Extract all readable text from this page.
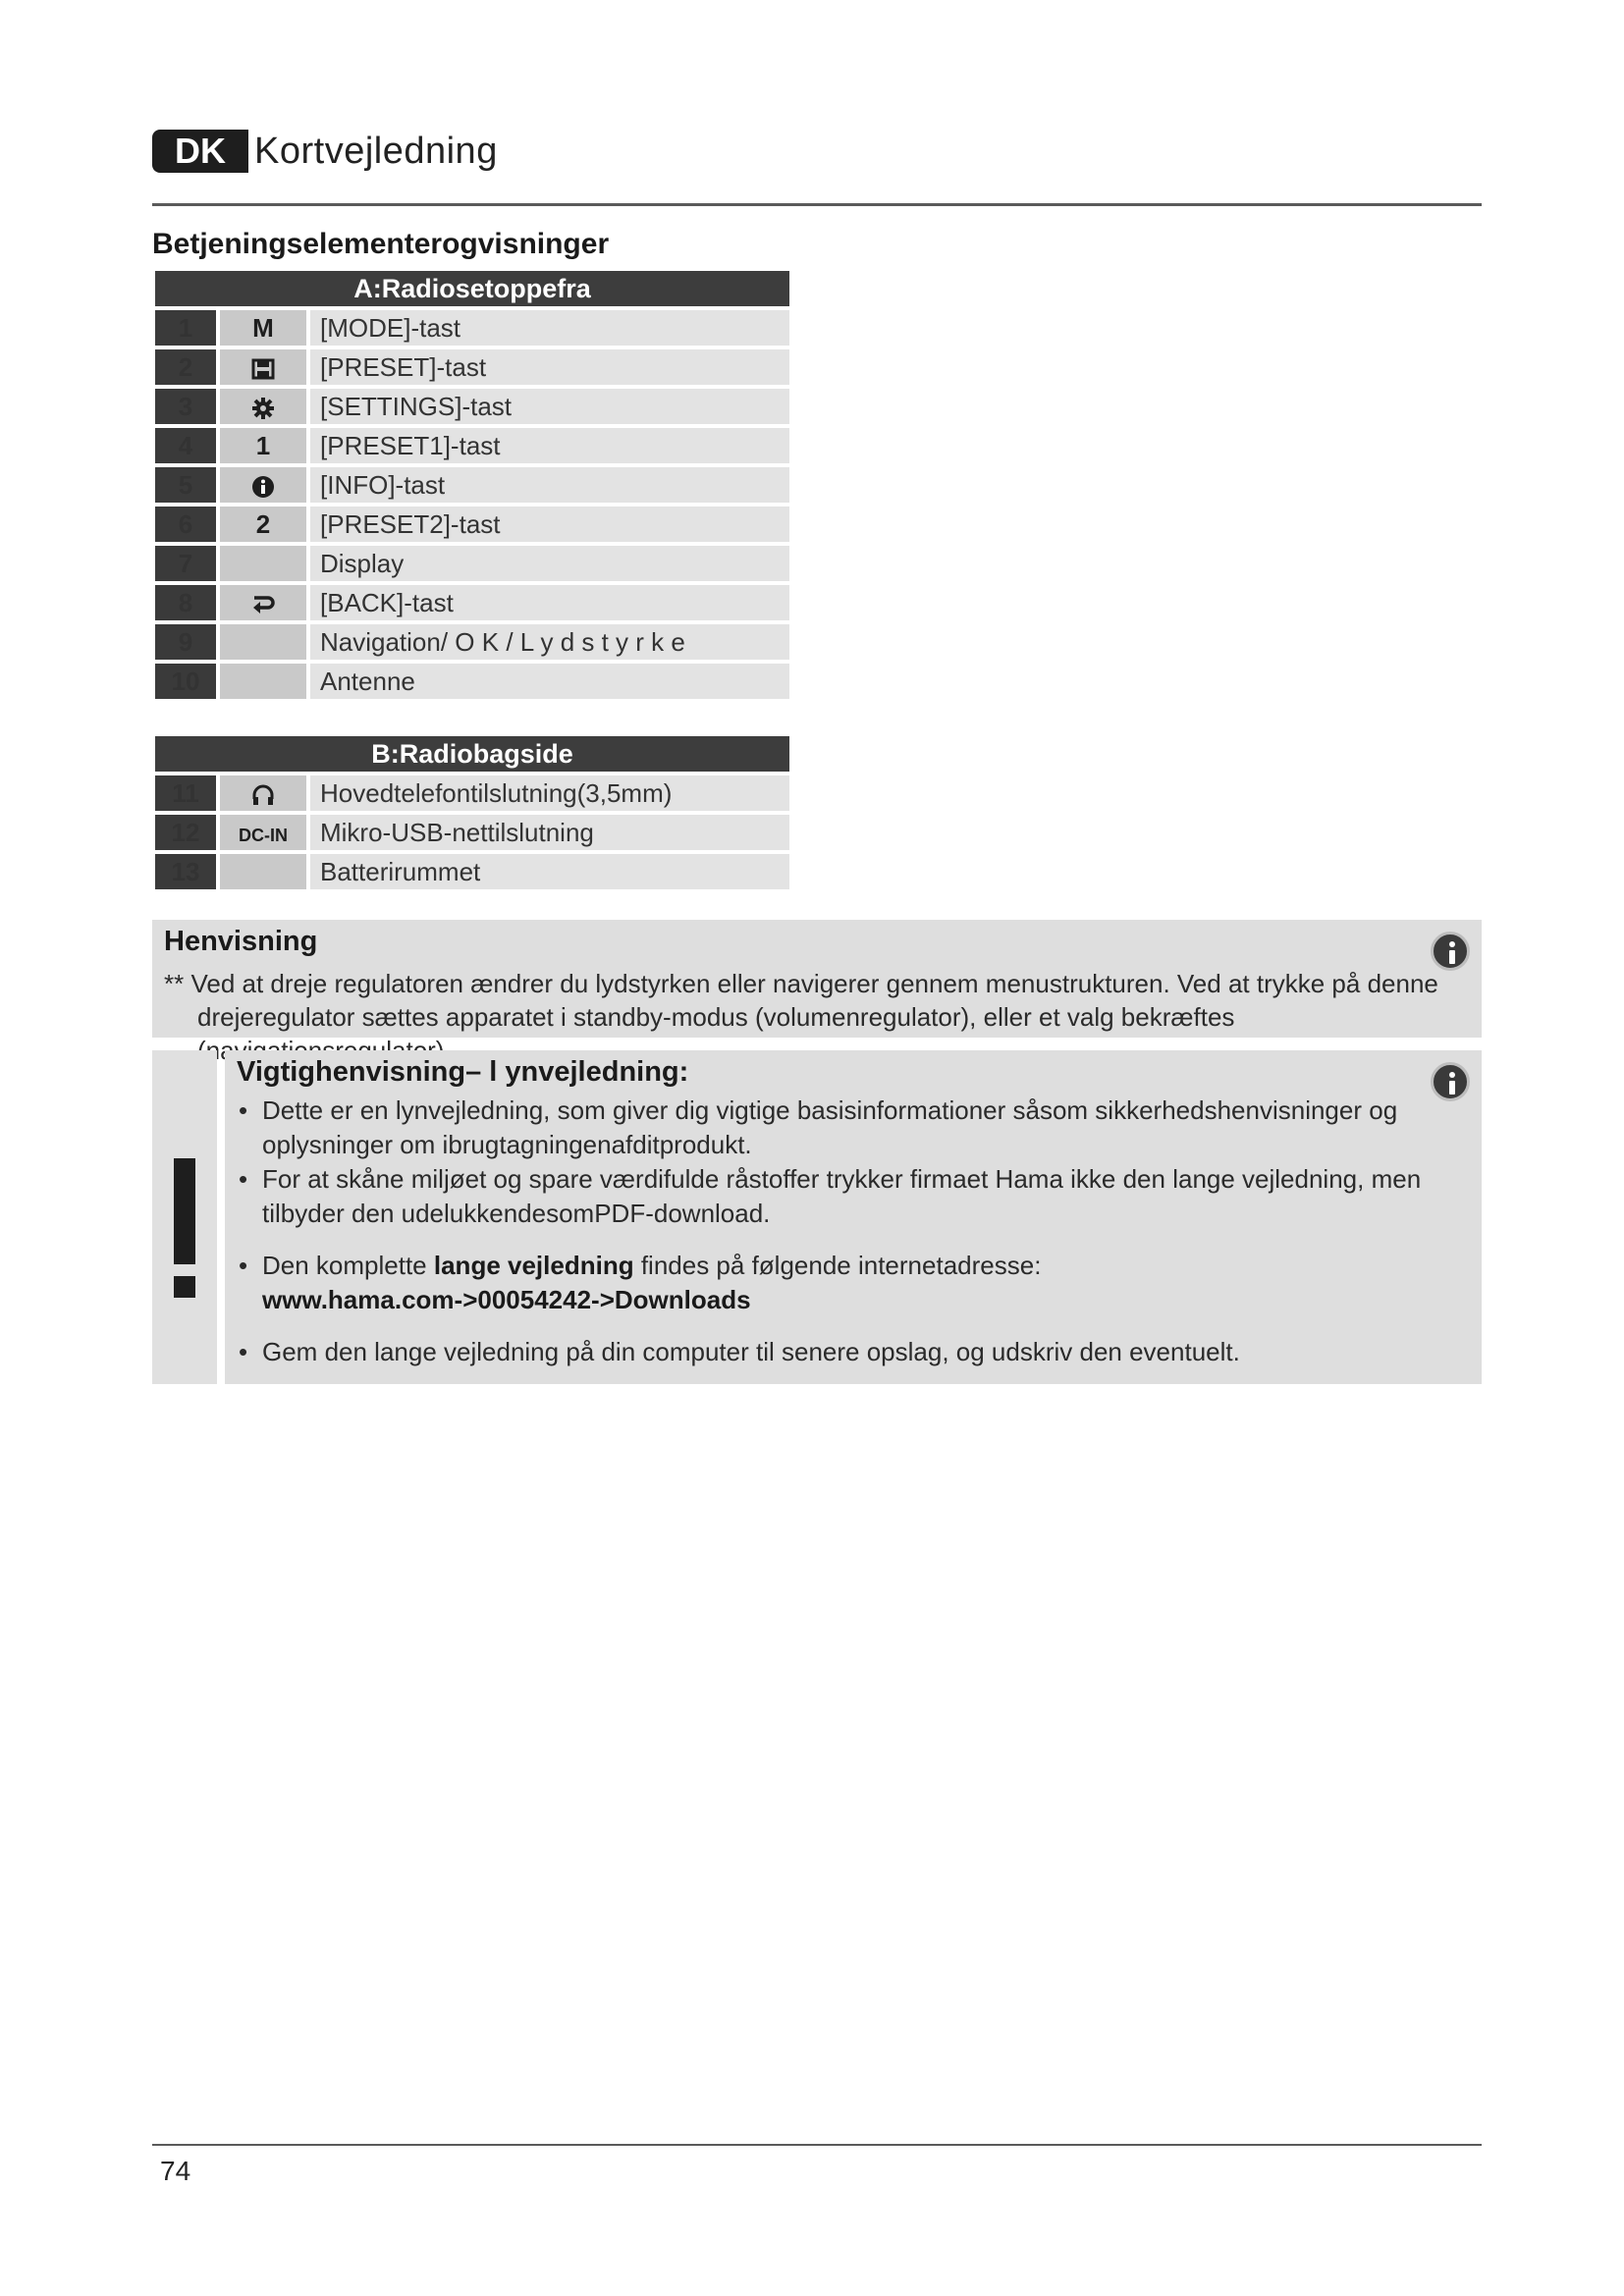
DK Kortvejledning
Betjeningselementerogvisninger
A:Radiosetoppefra		
1	M	[MODE]-tast
2		[PRESET]-tast
3		[SETTINGS]-tast
4	1	[PRESET1]-tast
5		[INFO]-tast
6	2	[PRESET2]-tast
7		Display
8		[BACK]-tast
9		Navigation/ O K / L y d s t y r k e
10		Antenne
B:Radiobagside		
11		Hovedtelefontilslutning(3,5mm)
12	DC-IN	Mikro-USB-nettilslutning
13		Batterirummet
Henvisning
** Ved at dreje regulatoren ændrer du lydstyrken eller navigerer gennem menustrukturen. Ved at trykke på denne drejeregulator sættes apparatet i standby-modus (volumenregulator), eller et valg bekræftes
Vigtighenvisning– l ynvejledning:
• Dette er en lynvejledning, som giver dig vigtige basisinformationer såsom sikkerhedshenvisninger og oplysninger om ibrugtagningenafditprodukt.
• For at skåne miljøet og spare værdifulde råstoffer trykker firmaet Hama ikke den lange vejledning, men tilbyder den udelukkendesomPDF-download.
• Den komplette lange vejledning findes på følgende internetadresse:
www.hama.com->00054242->Downloads
• Gem den lange vejledning på din computer til senere opslag, og udskriv den eventuelt.
74
